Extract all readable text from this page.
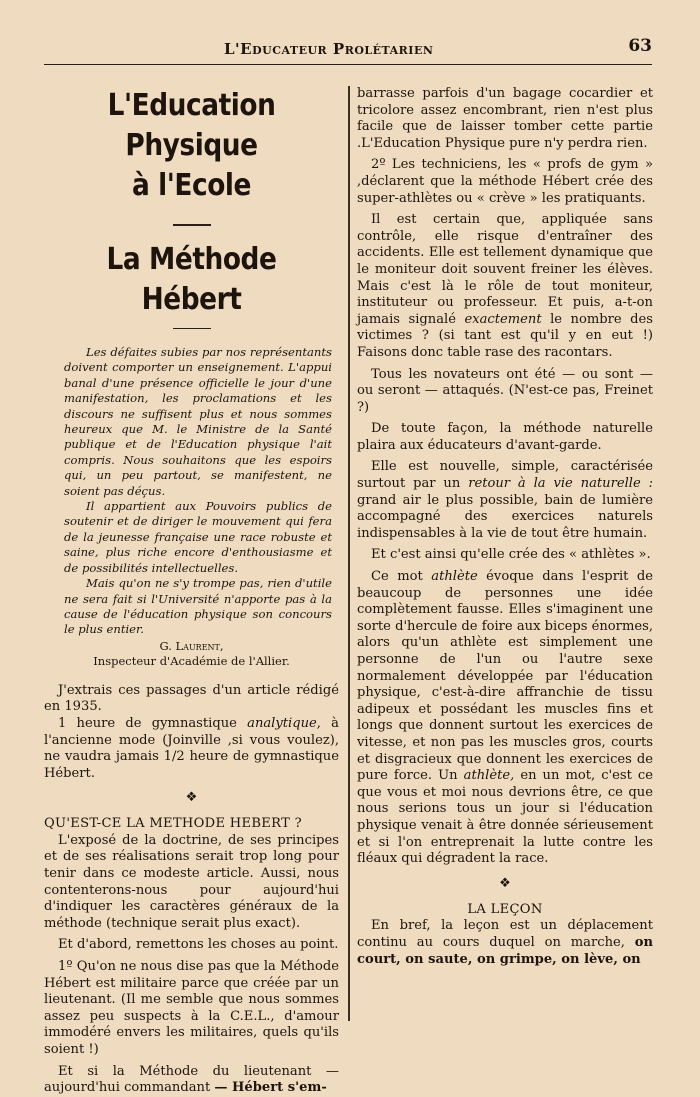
L'Educateur Prolétarien	63
L'Education Physique
à l'Ecole
La Méthode Hébert

Les défaites subies par nos représentants doivent comporter un enseignement. L'appui banal d'une présence officielle le jour d'une manifestation, les proclamations et les discours ne suffisent plus et nous sommes heureux que M. le Ministre de la Santé publique et de l'Education physique l'ait compris. Nous souhaitons que les espoirs qui, un peu partout, se manifestent, ne soient pas déçus.

Il appartient aux Pouvoirs publics de soutenir et de diriger le mouvement qui fera de la jeunesse française une race robuste et saine, plus riche encore d'enthousiasme et de possibilités intellectuelles.

Mais qu'on ne s'y trompe pas, rien d'utile ne sera fait si l'Université n'apporte pas à la cause de l'éducation physique son concours le plus entier.

G. Laurent,
Inspecteur d'Académie de l'Allier.

J'extrais ces passages d'un article rédigé en 1935.

1 heure de gymnastique analytique, à l'ancienne mode (Joinville ,si vous voulez), ne vaudra jamais 1/2 heure de gymnastique Hébert.

❖

QU'EST-CE LA METHODE HEBERT ?

L'exposé de la doctrine, de ses principes et de ses réalisations serait trop long pour tenir dans ce modeste article. Aussi, nous contenterons-nous pour aujourd'hui d'indiquer les caractères généraux de la méthode (technique serait plus exact).

Et d'abord, remettons les choses au point.

1º Qu'on ne nous dise pas que la Méthode Hébert est militaire parce que créée par un lieutenant. (Il me semble que nous sommes assez peu suspects à la C.E.L., d'amour immodéré envers les militaires, quels qu'ils soient !)

Et si la Méthode du lieutenant — aujourd'hui commandant — Hébert s'em-

barrasse parfois d'un bagage cocardier et tricolore assez encombrant, rien n'est plus facile que de laisser tomber cette partie .L'Education Physique pure n'y perdra rien.

2º Les techniciens, les « profs de gym » ,déclarent que la méthode Hébert crée des super-athlètes ou « crève » les pratiquants.

Il est certain que, appliquée sans contrôle, elle risque d'entraîner des accidents. Elle est tellement dynamique que le moniteur doit souvent freiner les élèves. Mais c'est là le rôle de tout moniteur, instituteur ou professeur. Et puis, a-t-on jamais signalé exactement le nombre des victimes ? (si tant est qu'il y en eut !) Faisons donc table rase des racontars.

Tous les novateurs ont été — ou sont — ou seront — attaqués. (N'est-ce pas, Freinet ?)

De toute façon, la méthode naturelle plaira aux éducateurs d'avant-garde.

Elle est nouvelle, simple, caractérisée surtout par un retour à la vie naturelle : grand air le plus possible, bain de lumière accompagné des exercices naturels indispensables à la vie de tout être humain.

Et c'est ainsi qu'elle crée des « athlètes ».

Ce mot athlète évoque dans l'esprit de beaucoup de personnes une idée complètement fausse. Elles s'imaginent une sorte d'hercule de foire aux biceps énormes, alors qu'un athlète est simplement une personne de l'un ou l'autre sexe normalement développée par l'éducation physique, c'est-à-dire affranchie de tissu adipeux et possédant les muscles fins et longs que donnent surtout les exercices de vitesse, et non pas les muscles gros, courts et disgracieux que donnent les exercices de pure force. Un athlète, en un mot, c'est ce que vous et moi nous devrions être, ce que nous serions tous un jour si l'éducation physique venait à être donnée sérieusement et si l'on entreprenait la lutte contre les fléaux qui dégradent la race.

❖

LA LEÇON

En bref, la leçon est un déplacement continu au cours duquel on marche, on court, on saute, on grimpe, on lève, on
